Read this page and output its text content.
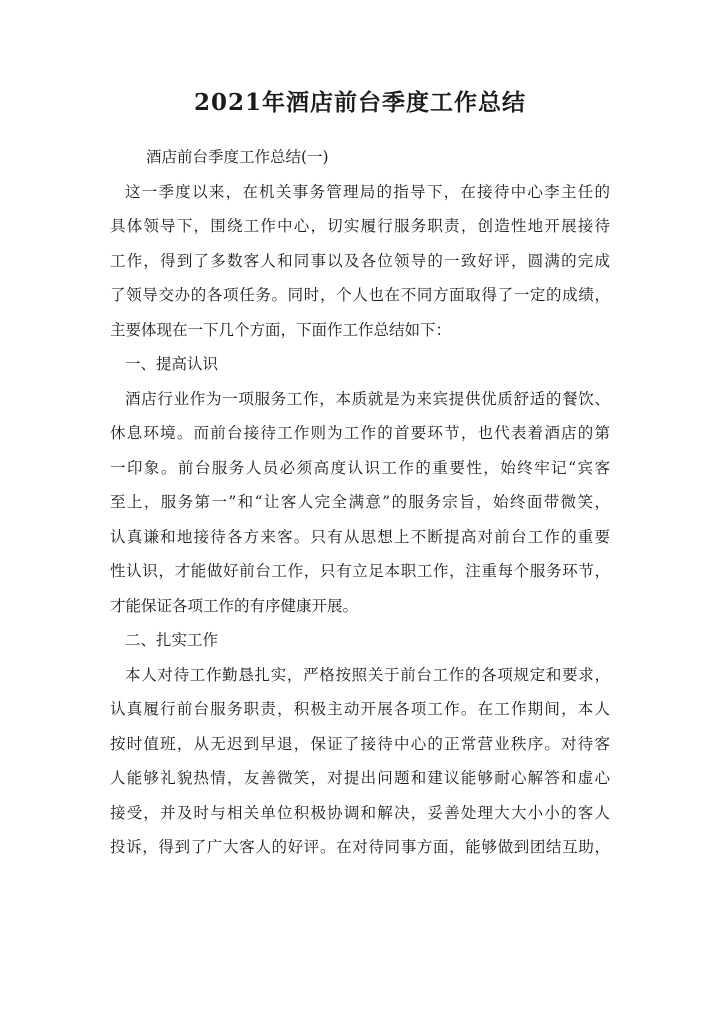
2021年酒店前台季度工作总结
酒店前台季度工作总结(一)
这一季度以来，在机关事务管理局的指导下，在接待中心李主任的
具体领导下，围绕工作中心，切实履行服务职责，创造性地开展接待
工作，得到了多数客人和同事以及各位领导的一致好评，圆满的完成
了领导交办的各项任务。同时，个人也在不同方面取得了一定的成绩，
主要体现在一下几个方面，下面作工作总结如下：
一、提高认识
酒店行业作为一项服务工作，本质就是为来宾提供优质舒适的餐饮、
休息环境。而前台接待工作则为工作的首要环节，也代表着酒店的第
一印象。前台服务人员必须高度认识工作的重要性，始终牢记“宾客
至上，服务第一”和“让客人完全满意”的服务宗旨，始终面带微笑，
认真谦和地接待各方来客。只有从思想上不断提高对前台工作的重要
性认识，才能做好前台工作，只有立足本职工作，注重每个服务环节，
才能保证各项工作的有序健康开展。
二、扎实工作
本人对待工作勤恳扎实，严格按照关于前台工作的各项规定和要求，
认真履行前台服务职责，积极主动开展各项工作。在工作期间，本人
按时值班，从无迟到早退，保证了接待中心的正常营业秩序。对待客
人能够礼貌热情，友善微笑，对提出问题和建议能够耐心解答和虚心
接受，并及时与相关单位积极协调和解决，妥善处理大大小小的客人
投诉，得到了广大客人的好评。在对待同事方面，能够做到团结互助，
